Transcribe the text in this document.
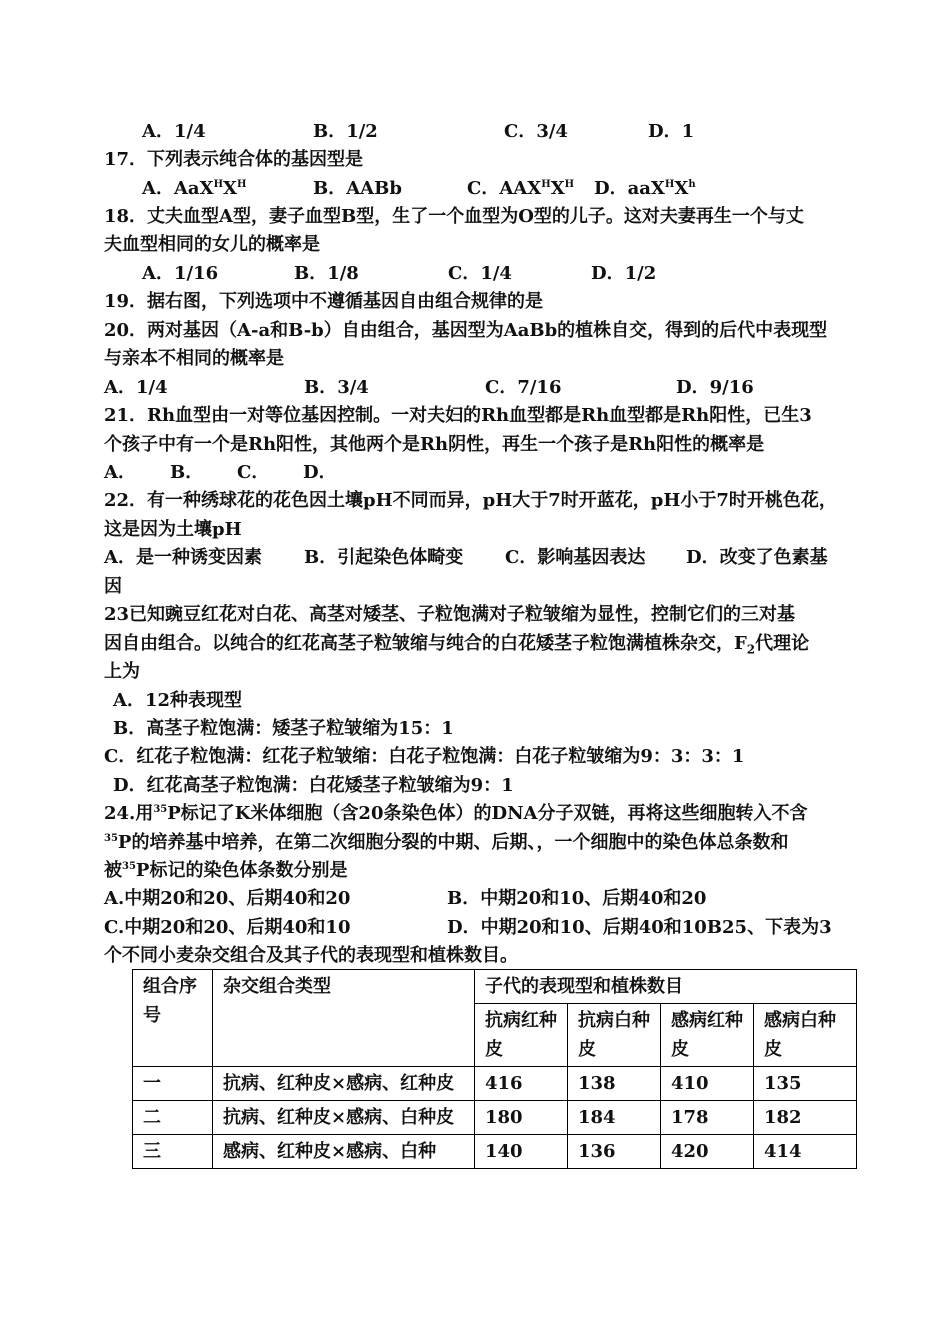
A．1/4	B．1/2	C．3/4	D．1
17．下列表示纯合体的基因型是
A．$AaX^HX^H$	B．AABb	C．$AAX^HX^H$ D．$aaX^HX^h$
18．丈夫血型A型，妻子血型B型，生了一个血型为O型的儿子。这对夫妻再生一个与丈
夫血型相同的女儿的概率是
A．1/16	B．1/8	C．1/4	D．1/2
19．据右图，下列选项中不遵循基因自由组合规律的是
20．两对基因（A-a和B-b）自由组合，基因型为AaBb的植株自交，得到的后代中表现型
与亲本不相同的概率是
A．1/4	B．3/4	C．7/16	D．9/16
21．Rh血型由一对等位基因控制。一对夫妇的Rh血型都是Rh血型都是Rh阳性，已生3
个孩子中有一个是Rh阳性，其他两个是Rh阴性，再生一个孩子是Rh阳性的概率是
A． B． C． D．
22．有一种绣球花的花色因土壤pH不同而异，pH大于7时开蓝花，pH小于7时开桃色花，
这是因为土壤pH
A．是一种诱变因素 B．引起染色体畸变 C．影响基因表达 D．改变了色素基
因
23已知豌豆红花对白花、高茎对矮茎、子粒饱满对子粒皱缩为显性，控制它们的三对基
因自由组合。以纯合的红花高茎子粒皱缩与纯合的白花矮茎子粒饱满植株杂交，$F_2$代理论
上为
A．12种表现型
B．高茎子粒饱满：矮茎子粒皱缩为15：1
C．红花子粒饱满：红花子粒皱缩：白花子粒饱满：白花子粒皱缩为9：3：3：1
D．红花高茎子粒饱满：白花矮茎子粒皱缩为9：1
24.用$^{35}$P标记了K米体细胞（含20条染色体）的DNA分子双链，再将这些细胞转入不含
$^{35}$P的培养基中培养，在第二次细胞分裂的中期、后期、，一个细胞中的染色体总条数和
被$^{35}$P标记的染色体条数分别是
A.中期20和20、后期40和20	B．中期20和10、后期40和20
C.中期20和20、后期40和10	D．中期20和10、后期40和10B25、下表为3
个不同小麦杂交组合及其子代的表现型和植株数目。
组合序号	杂交组合类型	子代的表现型和植株数目			
		抗病红种皮	抗病白种皮	感病红种皮	感病白种皮
一	抗病、红种皮×感病、红种皮	416	138	410	135
二	抗病、红种皮×感病、白种皮	180	184	178	182
三	感病、红种皮×感病、白种	140	136	420	414
